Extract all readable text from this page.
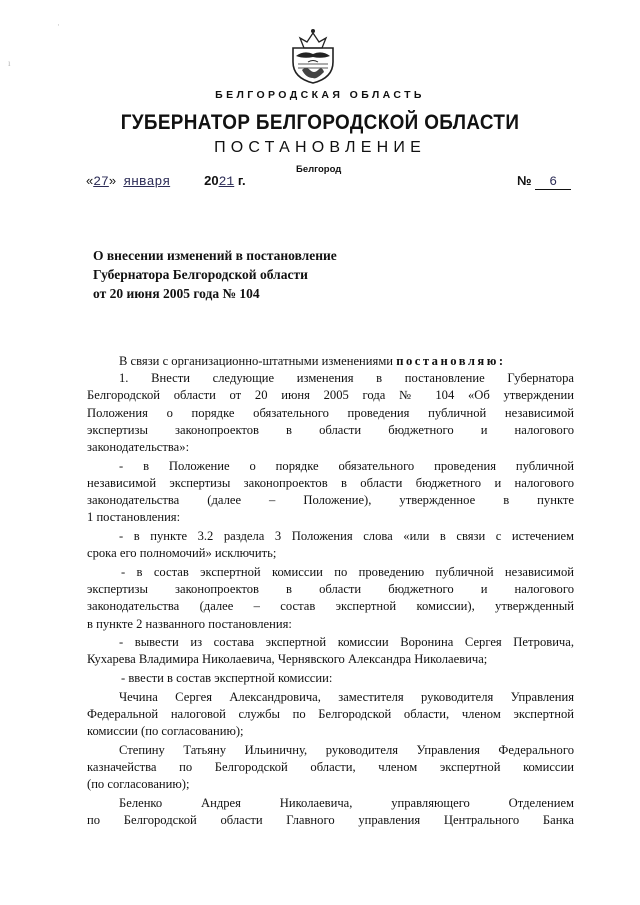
БЕЛГОРОДСКАЯ ОБЛАСТЬ
ГУБЕРНАТОР БЕЛГОРОДСКОЙ ОБЛАСТИ
ПОСТАНОВЛЕНИЕ
Белгород
«27» января	2021 г.	№ 6
О внесении изменений в постановление
Губернатора Белгородской области
от 20 июня 2005 года № 104
В связи с организационно-штатными изменениями постановляю:
1. Внести следующие изменения в постановление Губернатора
Белгородской области от 20 июня 2005 года № 104 «Об утверждении
Положения о порядке обязательного проведения публичной независимой
экспертизы законопроектов в области бюджетного и налогового
законодательства»:
- в Положение о порядке обязательного проведения публичной
независимой экспертизы законопроектов в области бюджетного и налогового
законодательства (далее – Положение), утвержденное в пункте
1 постановления:
- в пункте 3.2 раздела 3 Положения слова «или в связи с истечением
срока его полномочий» исключить;
- в состав экспертной комиссии по проведению публичной независимой
экспертизы законопроектов в области бюджетного и налогового
законодательства (далее – состав экспертной комиссии), утвержденный
в пункте 2 названного постановления:
- вывести из состава экспертной комиссии Воронина Сергея Петровича,
Кухарева Владимира Николаевича, Чернявского Александра Николаевича;
- ввести в состав экспертной комиссии:
Чечина Сергея Александровича, заместителя руководителя Управления
Федеральной налоговой службы по Белгородской области, членом экспертной
комиссии (по согласованию);
Степину Татьяну Ильиничну, руководителя Управления Федерального
казначейства по Белгородской области, членом экспертной комиссии
(по согласованию);
Беленко Андрея Николаевича, управляющего Отделением
по Белгородской области Главного управления Центрального Банка
·
ı
